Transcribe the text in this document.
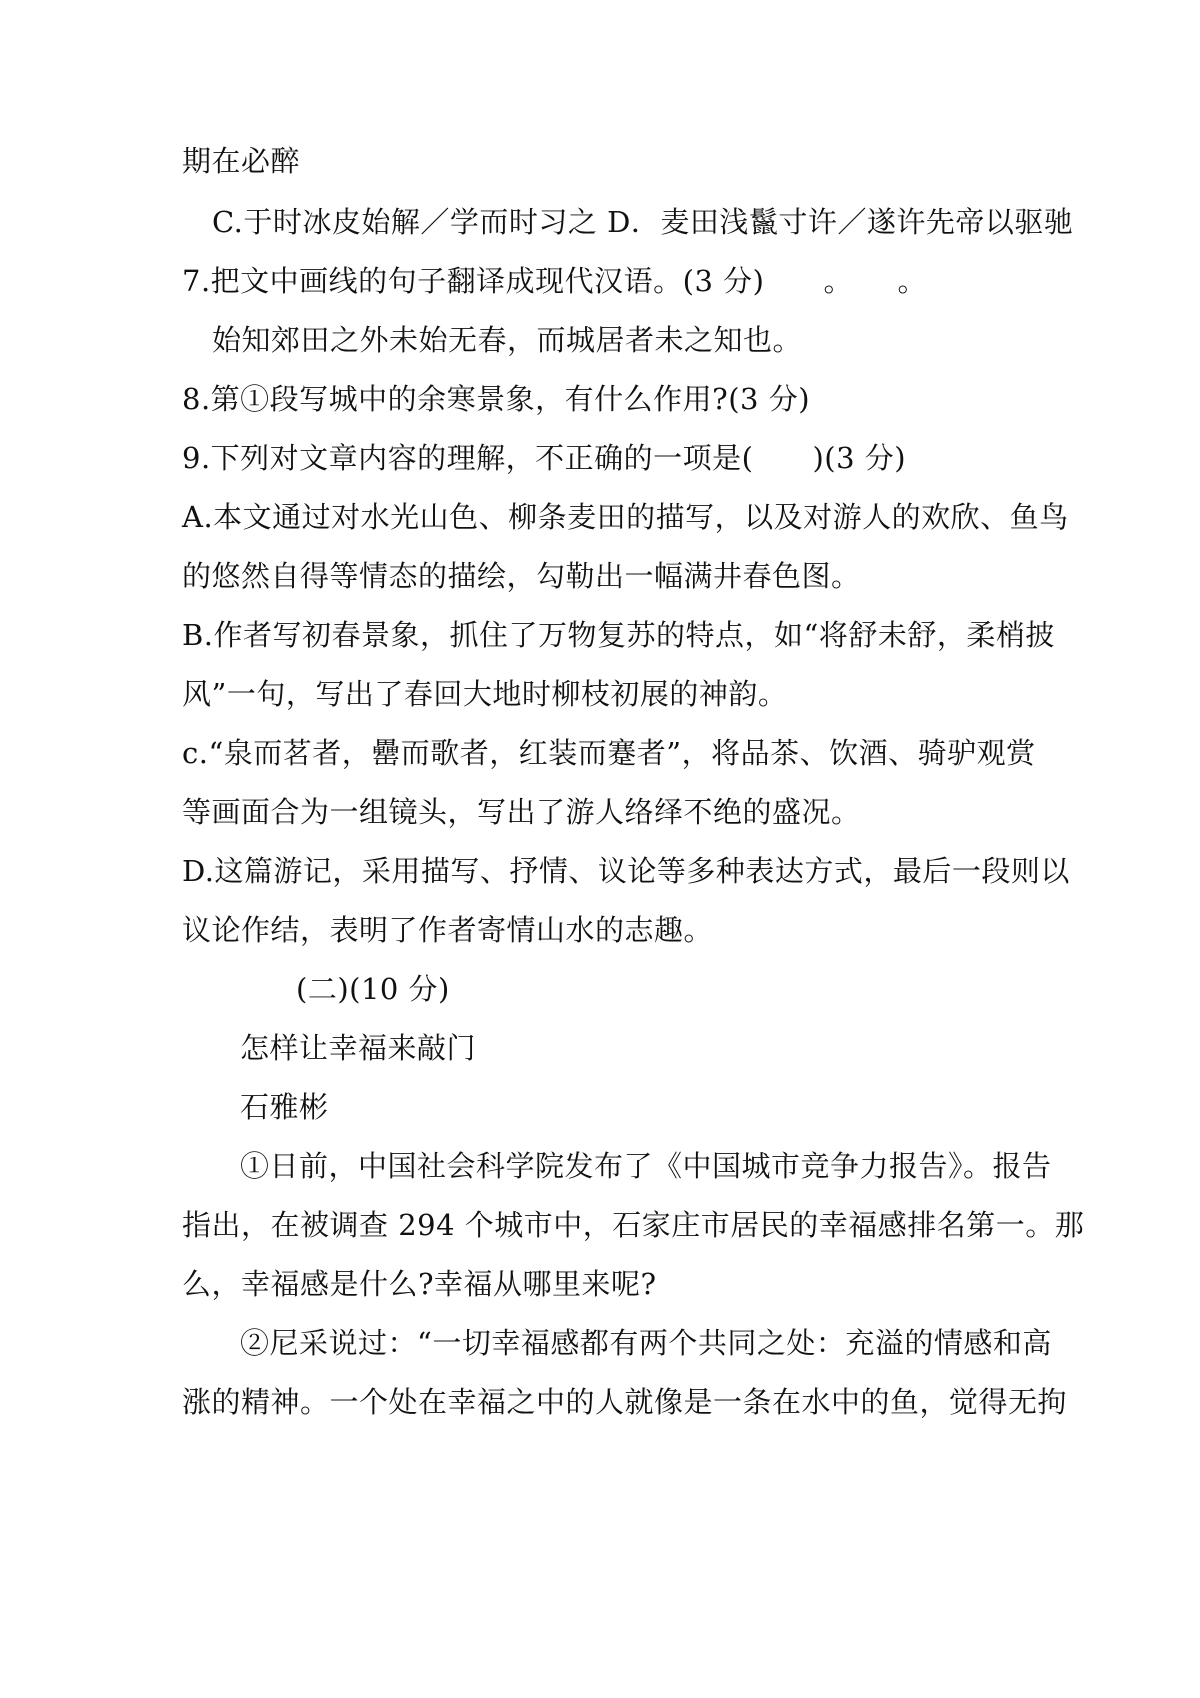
期在必醉
C.于时冰皮始解／学而时习之 D．麦田浅鬣寸许／遂许先帝以驱驰
7.把文中画线的句子翻译成现代汉语。(3 分)　　。　　。
始知郊田之外未始无春，而城居者未之知也。
8.第①段写城中的余寒景象，有什么作用?(3 分)
9.下列对文章内容的理解，不正确的一项是(　　)(3 分)
A.本文通过对水光山色、柳条麦田的描写，以及对游人的欢欣、鱼鸟
的悠然自得等情态的描绘，勾勒出一幅满井春色图。
B.作者写初春景象，抓住了万物复苏的特点，如“将舒未舒，柔梢披
风”一句，写出了春回大地时柳枝初展的神韵。
c.“泉而茗者，罍而歌者，红装而蹇者”，将品茶、饮酒、骑驴观赏
等画面合为一组镜头，写出了游人络绎不绝的盛况。
D.这篇游记，采用描写、抒情、议论等多种表达方式，最后一段则以
议论作结，表明了作者寄情山水的志趣。
(二)(10 分)
怎样让幸福来敲门
石雅彬
①日前，中国社会科学院发布了《中国城市竞争力报告》。报告
指出，在被调查 294 个城市中，石家庄市居民的幸福感排名第一。那
么，幸福感是什么?幸福从哪里来呢?
②尼采说过：“一切幸福感都有两个共同之处：充溢的情感和高
涨的精神。一个处在幸福之中的人就像是一条在水中的鱼，觉得无拘
